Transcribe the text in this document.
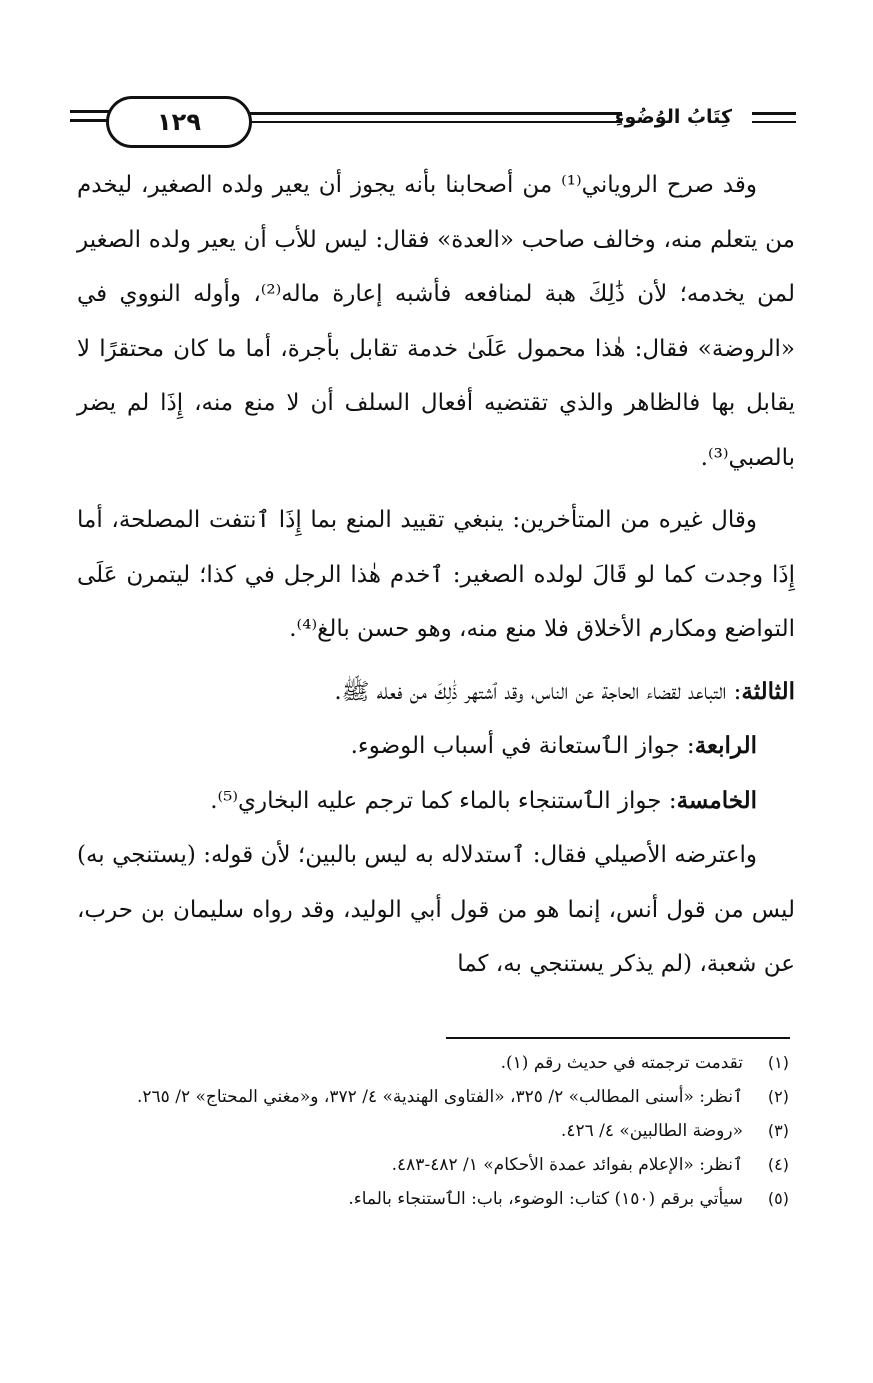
١٢٩	كِتَابُ الوُضُوءِ

وقد صرح الروياني⁽¹⁾ من أصحابنا بأنه يجوز أن يعير ولده الصغير، ليخدم من يتعلم منه، وخالف صاحب «العدة» فقال: ليس للأب أن يعير ولده الصغير لمن يخدمه؛ لأن ذَٰلِكَ هبة لمنافعه فأشبه إعارة ماله⁽²⁾، وأوله النووي في «الروضة» فقال: هٰذا محمول عَلَىٰ خدمة تقابل بأجرة، أما ما كان محتقرًا لا يقابل بها فالظاهر والذي تقتضيه أفعال السلف أن لا منع منه، إِذَا لم يضر بالصبي⁽³⁾.

وقال غيره من المتأخرين: ينبغي تقييد المنع بما إِذَا ٱنتفت المصلحة، أما إِذَا وجدت كما لو قَالَ لولده الصغير: ٱخدم هٰذا الرجل في كذا؛ ليتمرن عَلَى التواضع ومكارم الأخلاق فلا منع منه، وهو حسن بالغ⁽⁴⁾.

الثالثة: التباعد لقضاء الحاجة عن الناس، وقد ٱشتهر ذَٰلِكَ من فعله ﷺ.

الرابعة: جواز الٱستعانة في أسباب الوضوء.

الخامسة: جواز الٱستنجاء بالماء كما ترجم عليه البخاري⁽⁵⁾.

واعترضه الأصيلي فقال: ٱستدلاله به ليس بالبين؛ لأن قوله: (يستنجي به) ليس من قول أنس، إنما هو من قول أبي الوليد، وقد رواه سليمان بن حرب، عن شعبة، (لم يذكر يستنجي به، كما

(١)
تقدمت ترجمته في حديث رقم (١).

(٢)
ٱنظر: «أسنى المطالب» ٢/ ٣٢٥، «الفتاوى الهندية» ٤/ ٣٧٢، و«مغني المحتاج» ٢/ ٢٦٥.

(٣)
«روضة الطالبين» ٤/ ٤٢٦.

(٤)
ٱنظر: «الإعلام بفوائد عمدة الأحكام» ١/ ٤٨٢-٤٨٣.

(٥)
سيأتي برقم (١٥٠) كتاب: الوضوء، باب: الٱستنجاء بالماء.
